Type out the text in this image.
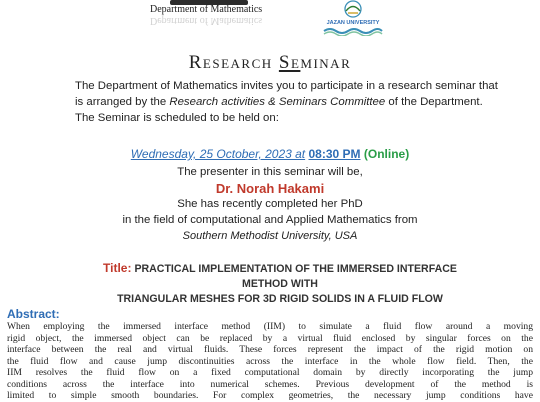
Department of Mathematics
Department of Mathematics	JAZAN UNIVERSITY
Research Seminar
The Department of Mathematics invites you to participate in a research seminar that
is arranged by the Research activities & Seminars Committee of the Department.
The Seminar is scheduled to be held on:
Wednesday, 25 October, 2023 at 08:30 PM (Online)
The presenter in this seminar will be,
Dr. Norah Hakami
She has recently completed her PhD
in the field of computational and Applied Mathematics from
Southern Methodist University, USA
Title: PRACTICAL IMPLEMENTATION OF THE IMMERSED INTERFACE METHOD WITH
TRIANGULAR MESHES FOR 3D RIGID SOLIDS IN A FLUID FLOW
Abstract:
When employing the immersed interface method (IIM) to simulate a fluid flow around a moving
rigid object, the immersed object can be replaced by a virtual fluid enclosed by singular forces on the
interface between the real and virtual fluids. These forces represent the impact of the rigid motion on
the fluid flow and cause jump discontinuities across the interface in the whole flow field. Then, the
IIM resolves the fluid flow on a fixed computational domain by directly incorporating the jump
conditions across the interface into numerical schemes. Previous development of the method is
limited to simple smooth boundaries. For complex geometries, the necessary jump conditions have
